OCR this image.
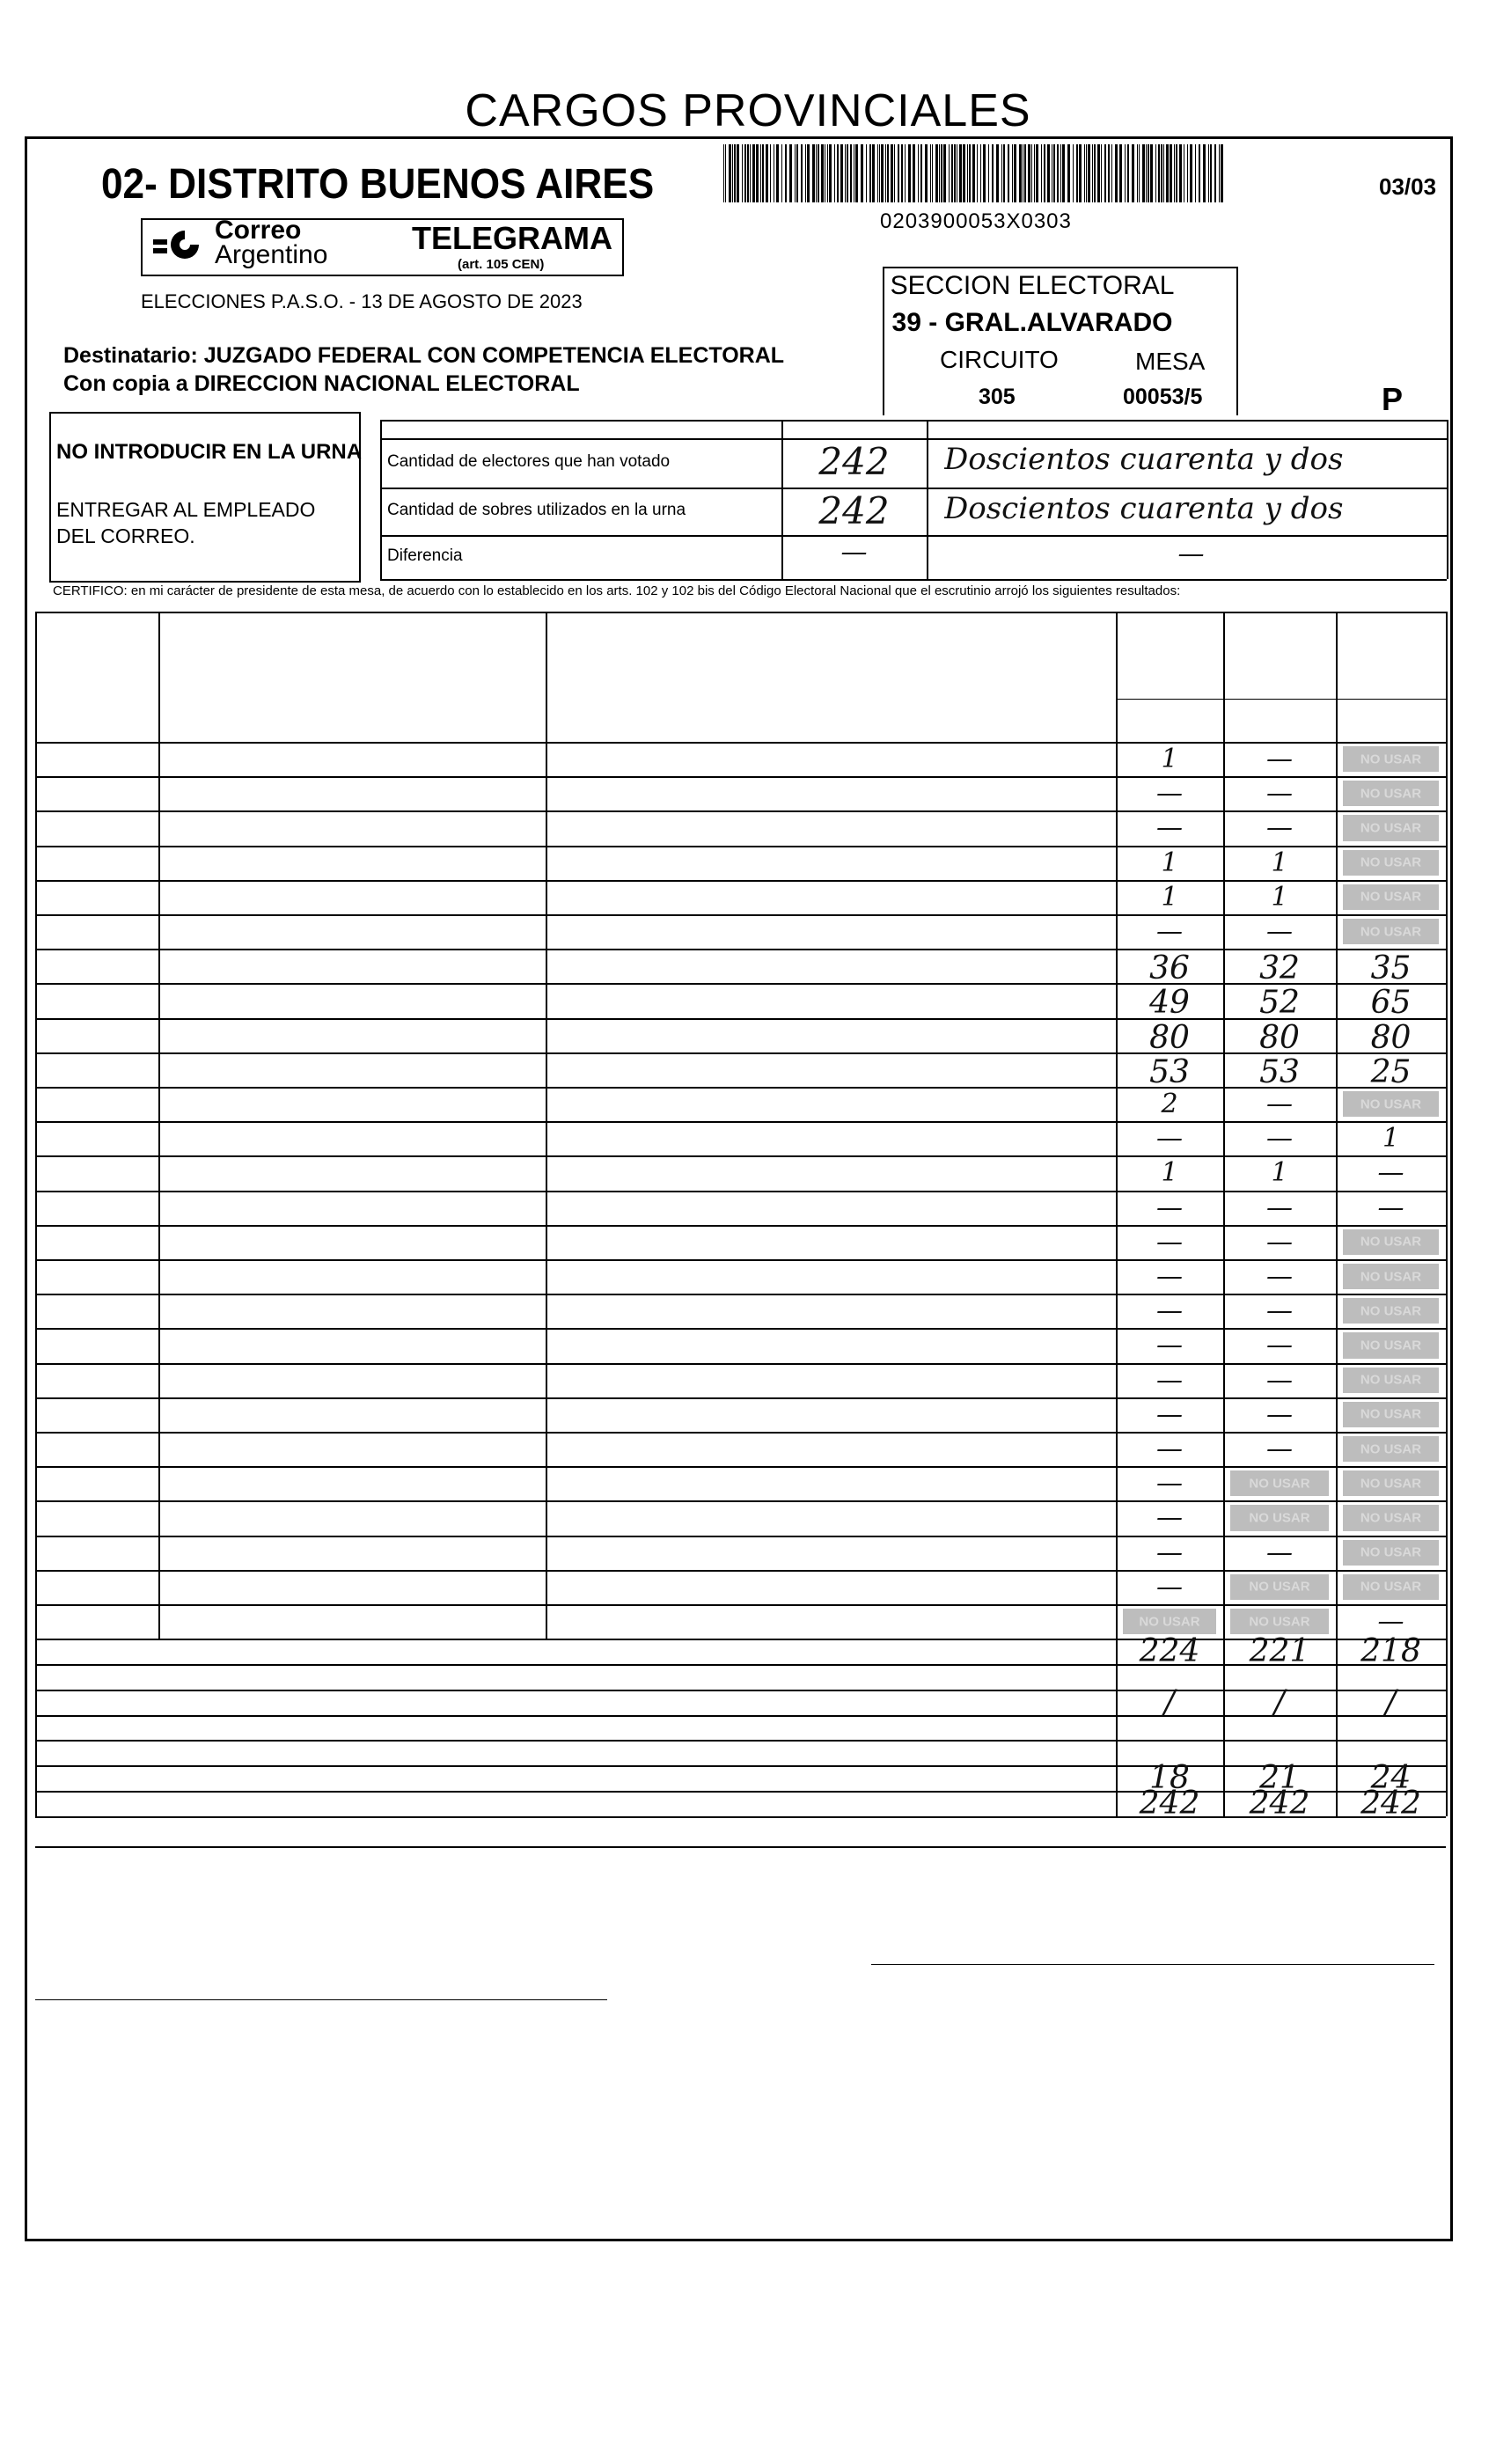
CARGOS PROVINCIALES
02- DISTRITO BUENOS AIRES
0203900053X0303
03/03
Correo
Argentino	TELEGRAMA
(art. 105 CEN)
ELECCIONES P.A.S.O. - 13 DE AGOSTO DE 2023
Destinatario: JUZGADO FEDERAL CON COMPETENCIA ELECTORAL
Con copia a DIRECCION NACIONAL ELECTORAL
SECCION ELECTORAL
39 - GRAL.ALVARADO
CIRCUITO	MESA
305	00053/5	P
NO INTRODUCIR EN LA URNA
ENTREGAR AL EMPLEADO DEL CORREO.
CERTIFICO: en mi carácter de presidente de esta mesa, de acuerdo con lo establecido en los arts. 102 y 102 bis del Código Electoral Nacional que el escrutinio arrojó los siguientes resultados:
Cantidad de electores que han votado	242	Doscientos cuarenta y dos
Cantidad de sobres utilizados en la urna	242	Doscientos cuarenta y dos
Diferencia	—	—
1	—	NO USAR
—	—	NO USAR
—	—	NO USAR
1	1	NO USAR
1	1	NO USAR
—	—	NO USAR
36	32	35
49	52	65
80	80	80
53	53	25
2	—	NO USAR
—	—	1
1	1	—
—	—	—
—	—	NO USAR
—	—	NO USAR
—	—	NO USAR
—	—	NO USAR
—	—	NO USAR
—	—	NO USAR
—	—	NO USAR
—	NO USAR	NO USAR
—	NO USAR	NO USAR
—	—	NO USAR
—	NO USAR	NO USAR
NO USAR	NO USAR	—
224	221	218
/	/	/
18	21	24
242	242	242
